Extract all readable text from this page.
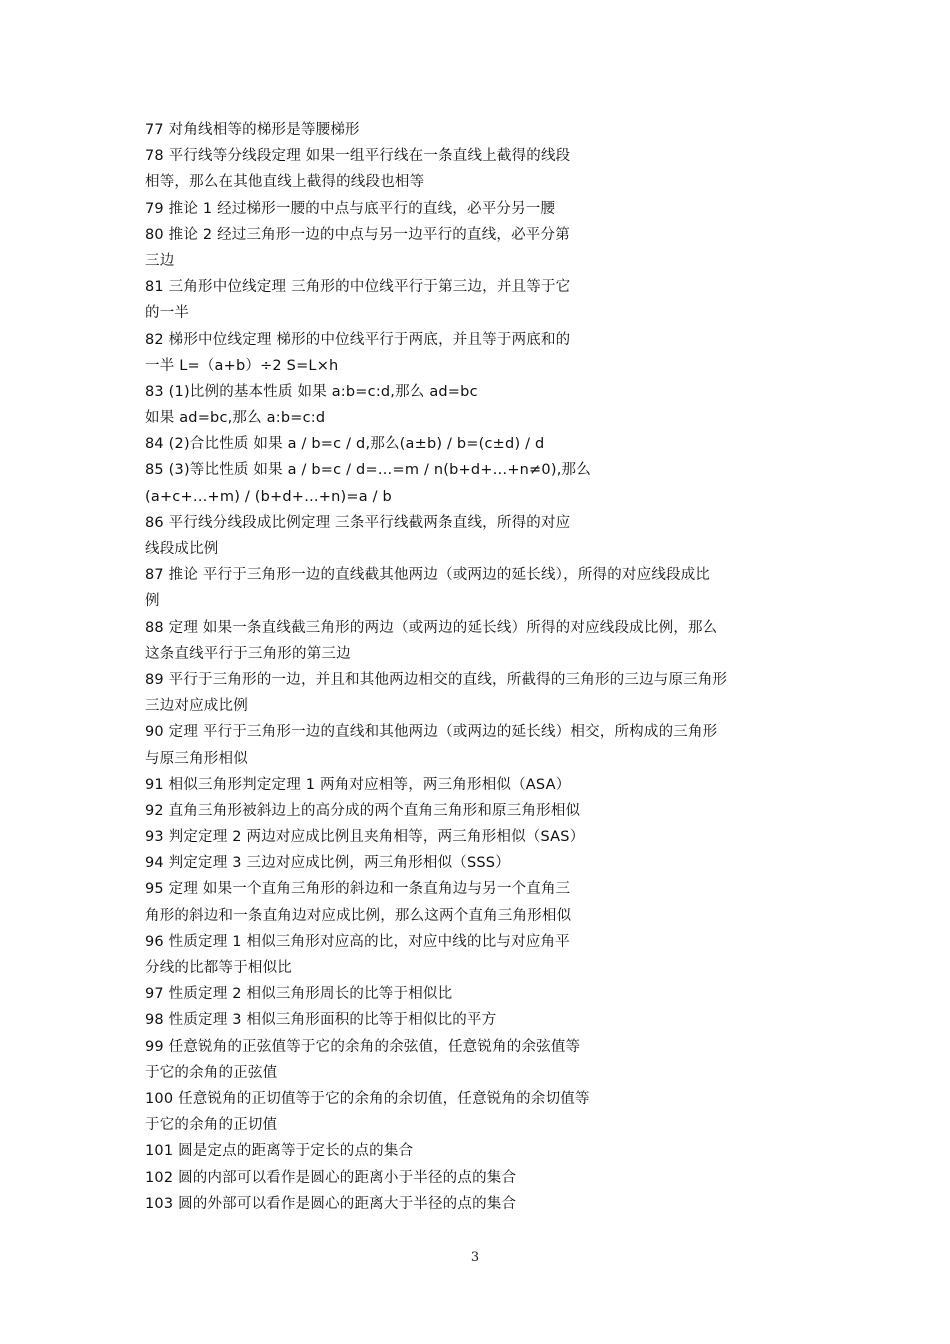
77 对角线相等的梯形是等腰梯形
78 平行线等分线段定理 如果一组平行线在一条直线上截得的线段
相等，那么在其他直线上截得的线段也相等
79 推论 1 经过梯形一腰的中点与底平行的直线，必平分另一腰
80 推论 2 经过三角形一边的中点与另一边平行的直线，必平分第
三边
81 三角形中位线定理 三角形的中位线平行于第三边，并且等于它
的一半
82 梯形中位线定理 梯形的中位线平行于两底，并且等于两底和的
一半 L=（a+b）÷2 S=L×h
83 (1)比例的基本性质 如果 a:b=c:d,那么 ad=bc
如果 ad=bc,那么 a:b=c:d
84 (2)合比性质 如果 a / b=c / d,那么(a±b) / b=(c±d) / d
85 (3)等比性质 如果 a / b=c / d=…=m / n(b+d+…+n≠0),那么
(a+c+…+m) / (b+d+…+n)=a / b
86 平行线分线段成比例定理 三条平行线截两条直线，所得的对应
线段成比例
87 推论 平行于三角形一边的直线截其他两边（或两边的延长线），所得的对应线段成比
例
88 定理 如果一条直线截三角形的两边（或两边的延长线）所得的对应线段成比例，那么
这条直线平行于三角形的第三边
89 平行于三角形的一边，并且和其他两边相交的直线，所截得的三角形的三边与原三角形
三边对应成比例
90 定理 平行于三角形一边的直线和其他两边（或两边的延长线）相交，所构成的三角形
与原三角形相似
91 相似三角形判定定理 1 两角对应相等，两三角形相似（ASA）
92 直角三角形被斜边上的高分成的两个直角三角形和原三角形相似
93 判定定理 2 两边对应成比例且夹角相等，两三角形相似（SAS）
94 判定定理 3 三边对应成比例，两三角形相似（SSS）
95 定理 如果一个直角三角形的斜边和一条直角边与另一个直角三
角形的斜边和一条直角边对应成比例，那么这两个直角三角形相似
96 性质定理 1 相似三角形对应高的比，对应中线的比与对应角平
分线的比都等于相似比
97 性质定理 2 相似三角形周长的比等于相似比
98 性质定理 3 相似三角形面积的比等于相似比的平方
99 任意锐角的正弦值等于它的余角的余弦值，任意锐角的余弦值等
于它的余角的正弦值
100 任意锐角的正切值等于它的余角的余切值，任意锐角的余切值等
于它的余角的正切值
101 圆是定点的距离等于定长的点的集合
102 圆的内部可以看作是圆心的距离小于半径的点的集合
103 圆的外部可以看作是圆心的距离大于半径的点的集合
3
